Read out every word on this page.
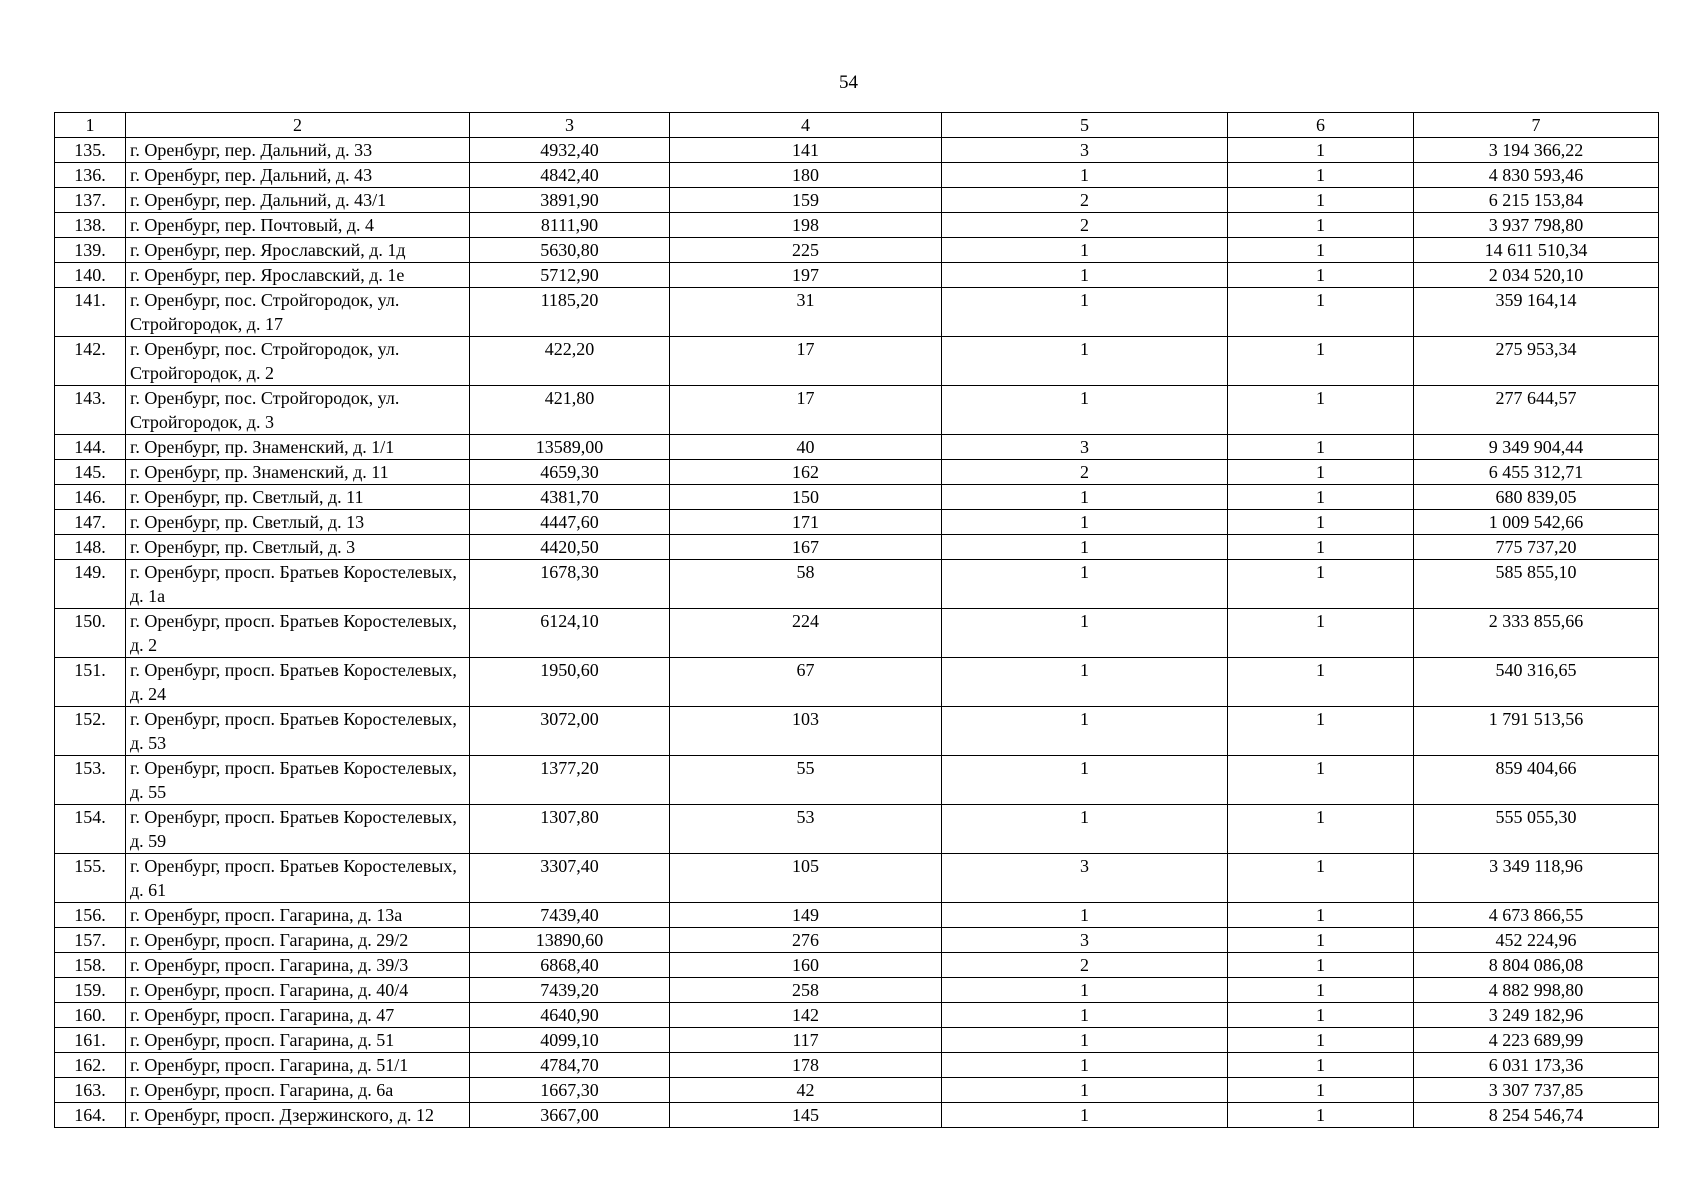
54
1	2	3	4	5	6	7
135.	г. Оренбург, пер. Дальний, д. 33	4932,40	141	3	1	3 194 366,22
136.	г. Оренбург, пер. Дальний, д. 43	4842,40	180	1	1	4 830 593,46
137.	г. Оренбург, пер. Дальний, д. 43/1	3891,90	159	2	1	6 215 153,84
138.	г. Оренбург, пер. Почтовый, д. 4	8111,90	198	2	1	3 937 798,80
139.	г. Оренбург, пер. Ярославский, д. 1д	5630,80	225	1	1	14 611 510,34
140.	г. Оренбург, пер. Ярославский, д. 1е	5712,90	197	1	1	2 034 520,10
141.	г. Оренбург, пос. Стройгородок, ул. Стройгородок, д. 17	1185,20	31	1	1	359 164,14
142.	г. Оренбург, пос. Стройгородок, ул. Стройгородок, д. 2	422,20	17	1	1	275 953,34
143.	г. Оренбург, пос. Стройгородок, ул. Стройгородок, д. 3	421,80	17	1	1	277 644,57
144.	г. Оренбург, пр. Знаменский, д. 1/1	13589,00	40	3	1	9 349 904,44
145.	г. Оренбург, пр. Знаменский, д. 11	4659,30	162	2	1	6 455 312,71
146.	г. Оренбург, пр. Светлый, д. 11	4381,70	150	1	1	680 839,05
147.	г. Оренбург, пр. Светлый, д. 13	4447,60	171	1	1	1 009 542,66
148.	г. Оренбург, пр. Светлый, д. 3	4420,50	167	1	1	775 737,20
149.	г. Оренбург, просп. Братьев Коростелевых, д. 1а	1678,30	58	1	1	585 855,10
150.	г. Оренбург, просп. Братьев Коростелевых, д. 2	6124,10	224	1	1	2 333 855,66
151.	г. Оренбург, просп. Братьев Коростелевых, д. 24	1950,60	67	1	1	540 316,65
152.	г. Оренбург, просп. Братьев Коростелевых, д. 53	3072,00	103	1	1	1 791 513,56
153.	г. Оренбург, просп. Братьев Коростелевых, д. 55	1377,20	55	1	1	859 404,66
154.	г. Оренбург, просп. Братьев Коростелевых, д. 59	1307,80	53	1	1	555 055,30
155.	г. Оренбург, просп. Братьев Коростелевых, д. 61	3307,40	105	3	1	3 349 118,96
156.	г. Оренбург, просп. Гагарина, д. 13а	7439,40	149	1	1	4 673 866,55
157.	г. Оренбург, просп. Гагарина, д. 29/2	13890,60	276	3	1	452 224,96
158.	г. Оренбург, просп. Гагарина, д. 39/3	6868,40	160	2	1	8 804 086,08
159.	г. Оренбург, просп. Гагарина, д. 40/4	7439,20	258	1	1	4 882 998,80
160.	г. Оренбург, просп. Гагарина, д. 47	4640,90	142	1	1	3 249 182,96
161.	г. Оренбург, просп. Гагарина, д. 51	4099,10	117	1	1	4 223 689,99
162.	г. Оренбург, просп. Гагарина, д. 51/1	4784,70	178	1	1	6 031 173,36
163.	г. Оренбург, просп. Гагарина, д. 6а	1667,30	42	1	1	3 307 737,85
164.	г. Оренбург, просп. Дзержинского, д. 12	3667,00	145	1	1	8 254 546,74
